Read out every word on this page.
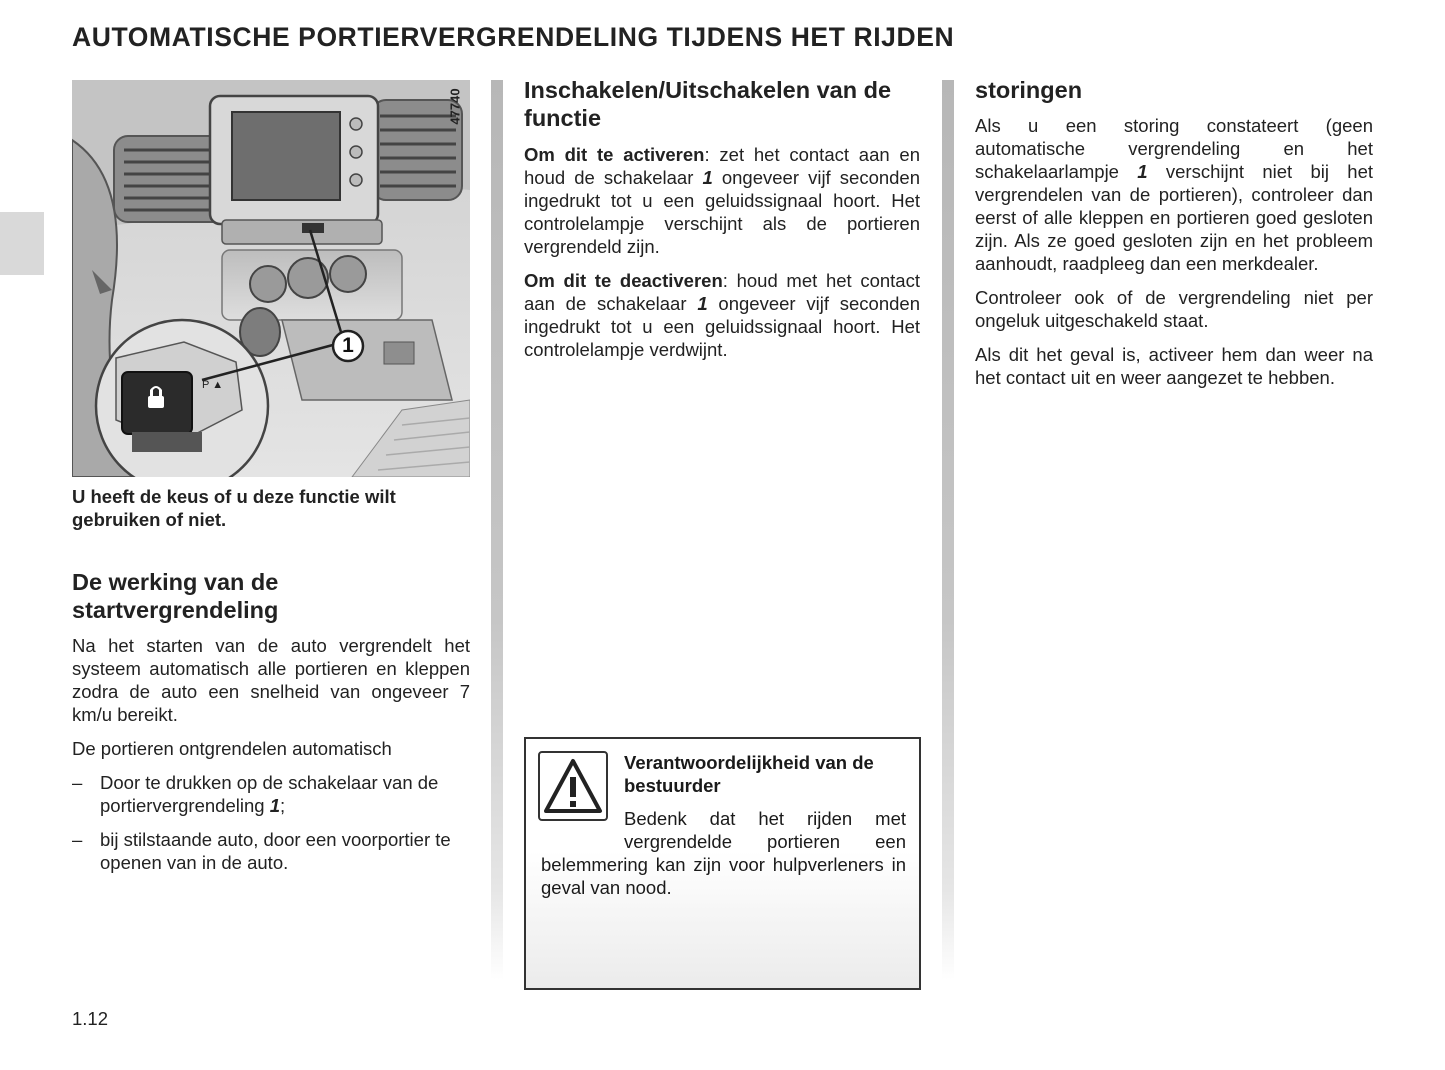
AUTOMATISCHE PORTIERVERGRENDELING TIJDENS HET RIJDEN
P ▲
1
47740

U heeft de keus of u deze functie wilt gebruiken of niet.

De werking van de startvergrendeling

Na het starten van de auto vergrendelt het systeem automatisch alle portieren en kleppen zodra de auto een snelheid van ongeveer 7 km/u bereikt.

De portieren ontgrendelen automatisch

– Door te drukken op de schakelaar van de portiervergrendeling 1;
– bij stilstaande auto, door een voorportier te openen van in de auto.
Inschakelen/Uitschakelen van de functie

Om dit te activeren: zet het contact aan en houd de schakelaar 1 ongeveer vijf seconden ingedrukt tot u een geluidssignaal hoort. Het controlelampje verschijnt als de portieren vergrendeld zijn.

Om dit te deactiveren: houd met het contact aan de schakelaar 1 ongeveer vijf seconden ingedrukt tot u een geluidssignaal hoort. Het controlelampje verdwijnt.

Verantwoordelijkheid van de bestuurder

Bedenk dat het rijden met vergrendelde portieren een belemmering kan zijn voor hulpverleners in geval van nood.

storingen

Als u een storing constateert (geen automatische vergrendeling en het schakelaarlampje 1 verschijnt niet bij het vergrendelen van de portieren), controleer dan eerst of alle kleppen en portieren goed gesloten zijn. Als ze goed gesloten zijn en het probleem aanhoudt, raadpleeg dan een merkdealer.

Controleer ook of de vergrendeling niet per ongeluk uitgeschakeld staat.

Als dit het geval is, activeer hem dan weer na het contact uit en weer aangezet te hebben.

1.12
